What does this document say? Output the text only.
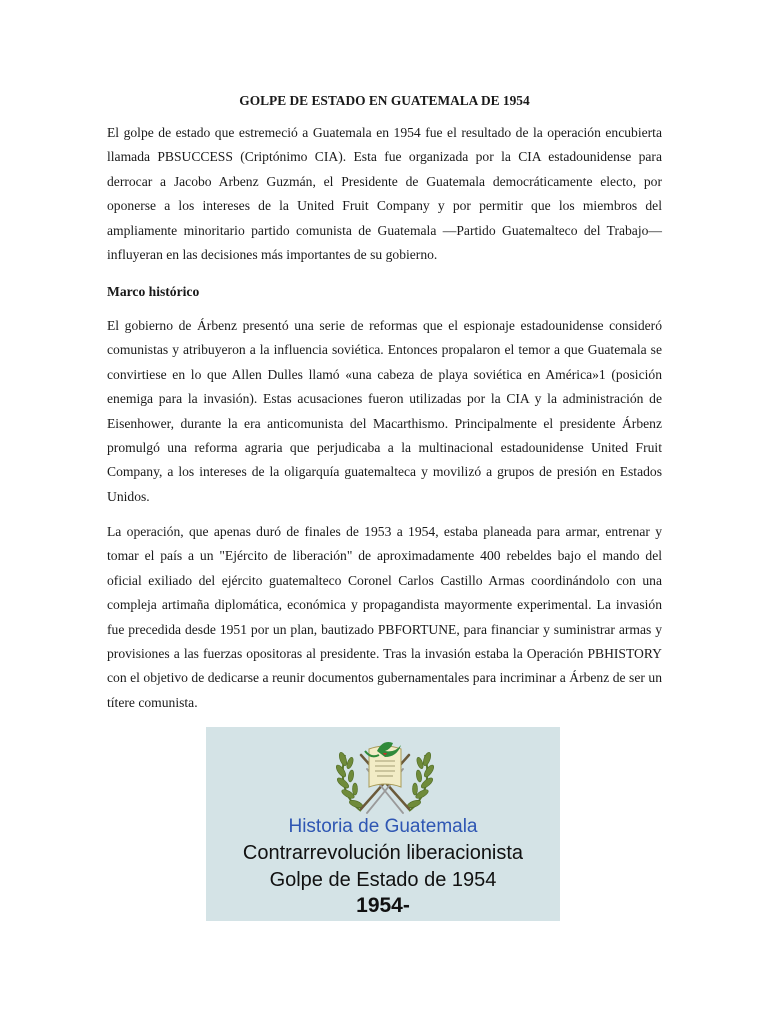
GOLPE DE ESTADO EN GUATEMALA DE 1954

El golpe de estado que estremeció a Guatemala en 1954 fue el resultado de la operación encubierta llamada PBSUCCESS (Criptónimo CIA). Esta fue organizada por la CIA estadounidense para derrocar a Jacobo Arbenz Guzmán, el Presidente de Guatemala democráticamente electo, por oponerse a los intereses de la United Fruit Company y por permitir que los miembros del ampliamente minoritario partido comunista de Guatemala —Partido Guatemalteco del Trabajo— influyeran en las decisiones más importantes de su gobierno.

Marco histórico

El gobierno de Árbenz presentó una serie de reformas que el espionaje estadounidense consideró comunistas y atribuyeron a la influencia soviética. Entonces propalaron el temor a que Guatemala se convirtiese en lo que Allen Dulles llamó «una cabeza de playa soviética en América»1 (posición enemiga para la invasión). Estas acusaciones fueron utilizadas por la CIA y la administración de Eisenhower, durante la era anticomunista del Macarthismo. Principalmente el presidente Árbenz promulgó una reforma agraria que perjudicaba a la multinacional estadounidense United Fruit Company, a los intereses de la oligarquía guatemalteca y movilizó a grupos de presión en Estados Unidos.

La operación, que apenas duró de finales de 1953 a 1954, estaba planeada para armar, entrenar y tomar el país a un "Ejército de liberación" de aproximadamente 400 rebeldes bajo el mando del oficial exiliado del ejército guatemalteco Coronel Carlos Castillo Armas coordinándolo con una compleja artimaña diplomática, económica y propagandista mayormente experimental. La invasión fue precedida desde 1951 por un plan, bautizado PBFORTUNE, para financiar y suministrar armas y provisiones a las fuerzas opositoras al presidente. Tras la invasión estaba la Operación PBHISTORY con el objetivo de dedicarse a reunir documentos gubernamentales para incriminar a Árbenz de ser un títere comunista.

Historia de Guatemala
Contrarrevolución liberacionista
Golpe de Estado de 1954
1954-
